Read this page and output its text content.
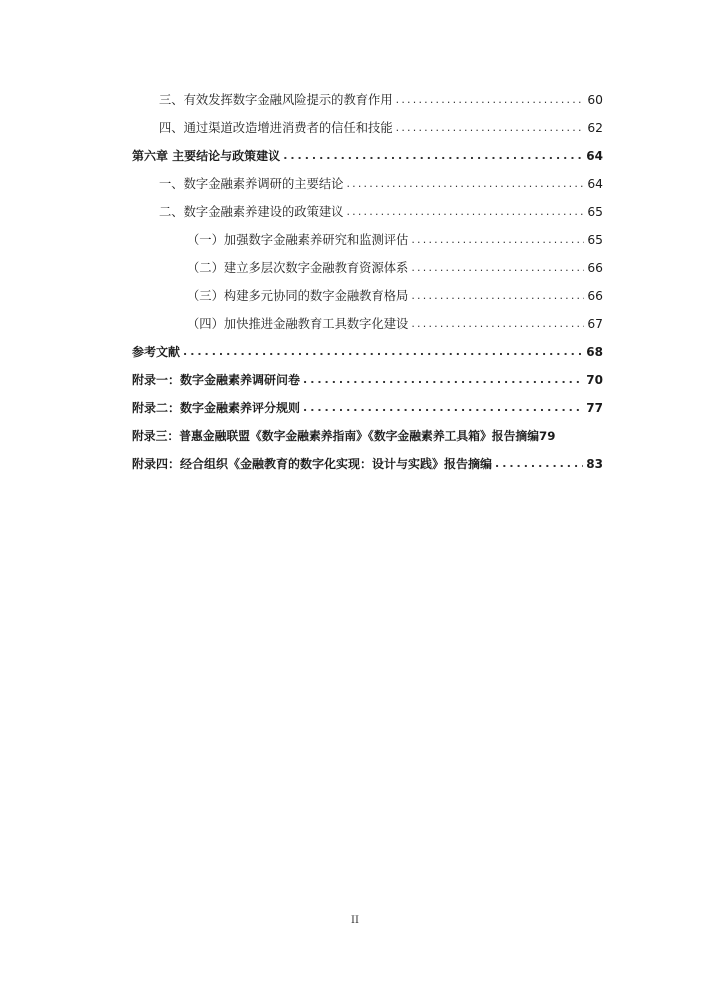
三、有效发挥数字金融风险提示的教育作用 .....	60
四、通过渠道改造增进消费者的信任和技能 .....	62
第六章 主要结论与政策建议 .....	64
一、数字金融素养调研的主要结论 .....	64
二、数字金融素养建设的政策建议 .....	65
（一）加强数字金融素养研究和监测评估 .....	65
（二）建立多层次数字金融教育资源体系 .....	66
（三）构建多元协同的数字金融教育格局 .....	66
（四）加快推进金融教育工具数字化建设 .....	67
参考文献 .....	68
附录一：数字金融素养调研问卷 .....	70
附录二：数字金融素养评分规则 .....	77
附录三：普惠金融联盟《数字金融素养指南》《数字金融素养工具箱》报告摘编 79
附录四：经合组织《金融教育的数字化实现：设计与实践》报告摘编 .....	83
II
